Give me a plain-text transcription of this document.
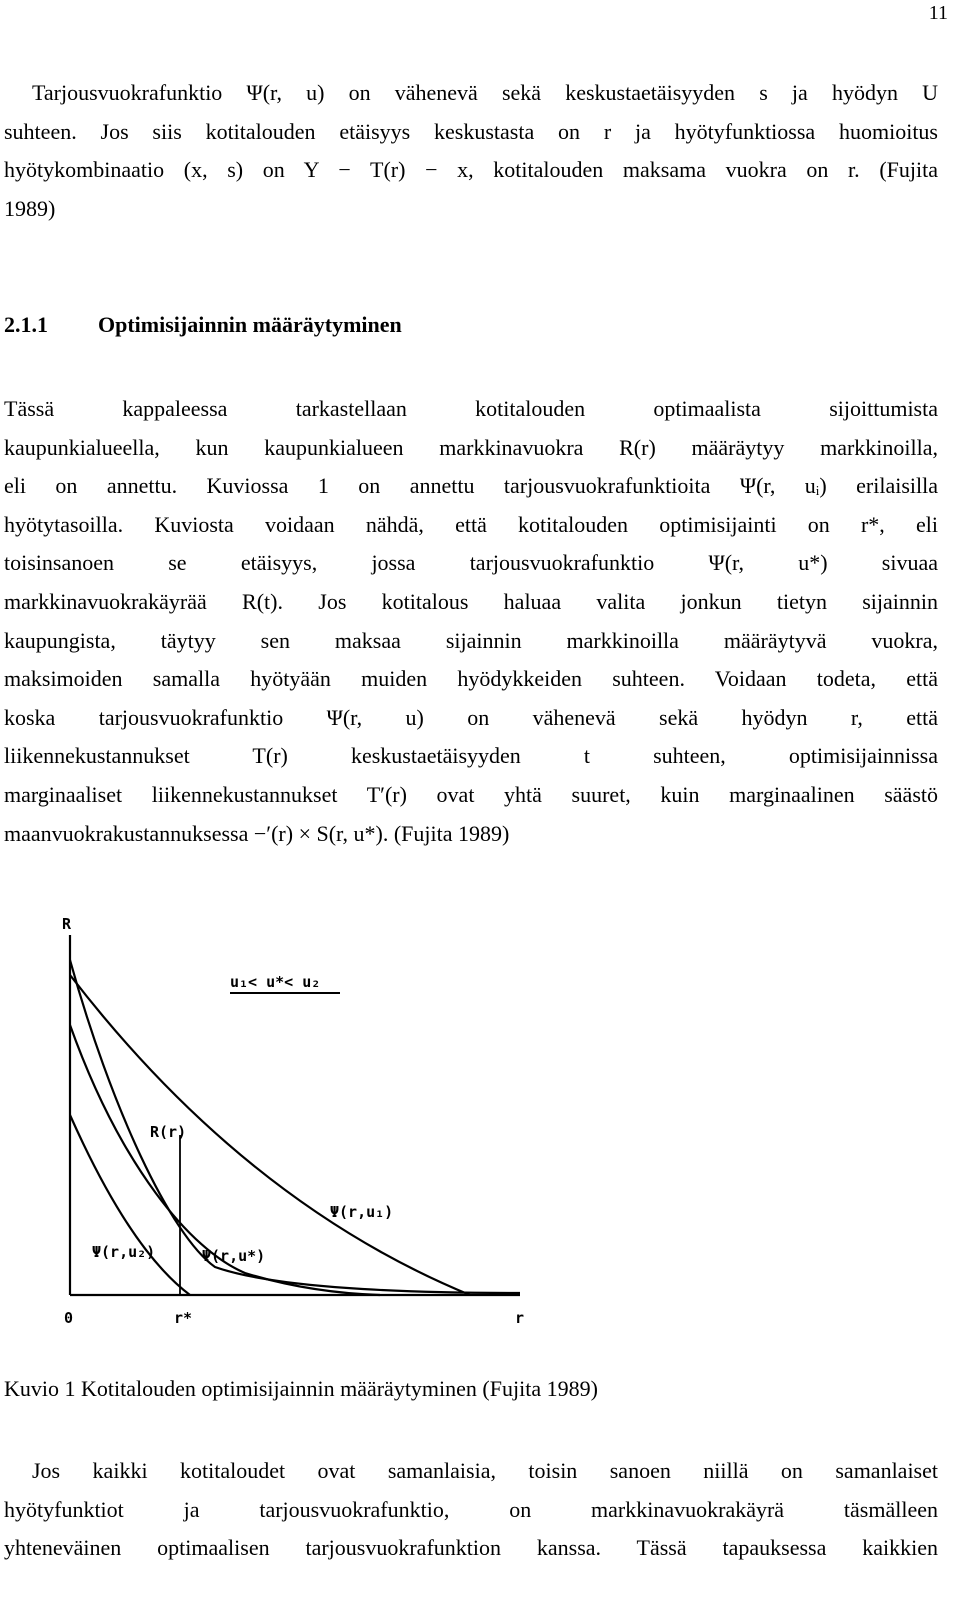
11
Tarjousvuokrafunktio Ψ(r, u) on vähenevä sekä keskustaetäisyyden s ja hyödyn U
suhteen. Jos siis kotitalouden etäisyys keskustasta on r ja hyötyfunktiossa huomioitus
hyötykombinaatio (x, s) on Y − T(r) − x, kotitalouden maksama vuokra on r. (Fujita
1989)
2.1.1 Optimisijainnin määräytyminen
Tässä kappaleessa tarkastellaan kotitalouden optimaalista sijoittumista
kaupunkialueella, kun kaupunkialueen markkinavuokra R(r) määräytyy markkinoilla,
eli on annettu. Kuviossa 1 on annettu tarjousvuokrafunktioita Ψ(r, uᵢ) erilaisilla
hyötytasoilla. Kuviosta voidaan nähdä, että kotitalouden optimisijainti on r*, eli
toisinsanoen se etäisyys, jossa tarjousvuokrafunktio Ψ(r, u*) sivuaa
markkinavuokrakäyrää R(t). Jos kotitalous haluaa valita jonkun tietyn sijainnin
kaupungista, täytyy sen maksaa sijainnin markkinoilla määräytyvä vuokra,
maksimoiden samalla hyötyään muiden hyödykkeiden suhteen. Voidaan todeta, että
koska tarjousvuokrafunktio Ψ(r, u) on vähenevä sekä hyödyn r, että
liikennekustannukset T(r) keskustaetäisyyden t suhteen, optimisijainnissa
marginaaliset liikennekustannukset T′(r) ovat yhtä suuret, kuin marginaalinen säästö
maanvuokrakustannuksessa −′(r) × S(r, u*). (Fujita 1989)
R
r
0	r*
u₁< u*< u₂
R(r)
Ψ(r,u₁)
Ψ(r,u₂)	Ψ(r,u*)
Kuvio 1 Kotitalouden optimisijainnin määräytyminen (Fujita 1989)
Jos kaikki kotitaloudet ovat samanlaisia, toisin sanoen niillä on samanlaiset
hyötyfunktiot ja tarjousvuokrafunktio, on markkinavuokrakäyrä täsmälleen
yhteneväinen optimaalisen tarjousvuokrafunktion kanssa. Tässä tapauksessa kaikkien
